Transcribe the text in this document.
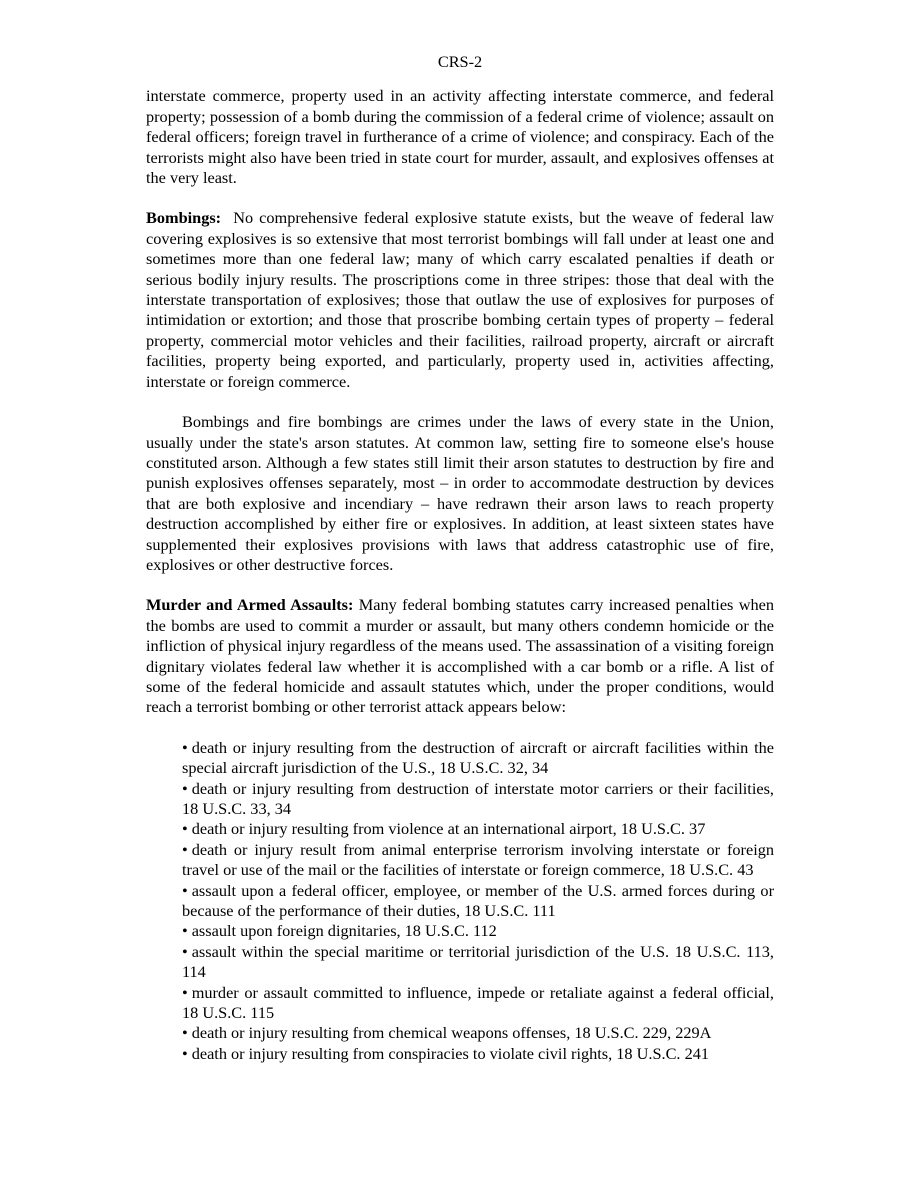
CRS-2

interstate commerce, property used in an activity affecting interstate commerce, and federal property; possession of a bomb during the commission of a federal crime of violence; assault on federal officers; foreign travel in furtherance of a crime of violence; and conspiracy. Each of the terrorists might also have been tried in state court for murder, assault, and explosives offenses at the very least.

Bombings: No comprehensive federal explosive statute exists, but the weave of federal law covering explosives is so extensive that most terrorist bombings will fall under at least one and sometimes more than one federal law; many of which carry escalated penalties if death or serious bodily injury results. The proscriptions come in three stripes: those that deal with the interstate transportation of explosives; those that outlaw the use of explosives for purposes of intimidation or extortion; and those that proscribe bombing certain types of property – federal property, commercial motor vehicles and their facilities, railroad property, aircraft or aircraft facilities, property being exported, and particularly, property used in, activities affecting, interstate or foreign commerce.

Bombings and fire bombings are crimes under the laws of every state in the Union, usually under the state's arson statutes. At common law, setting fire to someone else's house constituted arson. Although a few states still limit their arson statutes to destruction by fire and punish explosives offenses separately, most – in order to accommodate destruction by devices that are both explosive and incendiary – have redrawn their arson laws to reach property destruction accomplished by either fire or explosives. In addition, at least sixteen states have supplemented their explosives provisions with laws that address catastrophic use of fire, explosives or other destructive forces.

Murder and Armed Assaults: Many federal bombing statutes carry increased penalties when the bombs are used to commit a murder or assault, but many others condemn homicide or the infliction of physical injury regardless of the means used. The assassination of a visiting foreign dignitary violates federal law whether it is accomplished with a car bomb or a rifle. A list of some of the federal homicide and assault statutes which, under the proper conditions, would reach a terrorist bombing or other terrorist attack appears below:

• death or injury resulting from the destruction of aircraft or aircraft facilities within the special aircraft jurisdiction of the U.S., 18 U.S.C. 32, 34
• death or injury resulting from destruction of interstate motor carriers or their facilities, 18 U.S.C. 33, 34
• death or injury resulting from violence at an international airport, 18 U.S.C. 37
• death or injury result from animal enterprise terrorism involving interstate or foreign travel or use of the mail or the facilities of interstate or foreign commerce, 18 U.S.C. 43
• assault upon a federal officer, employee, or member of the U.S. armed forces during or because of the performance of their duties, 18 U.S.C. 111
• assault upon foreign dignitaries, 18 U.S.C. 112
• assault within the special maritime or territorial jurisdiction of the U.S. 18 U.S.C. 113, 114
• murder or assault committed to influence, impede or retaliate against a federal official, 18 U.S.C. 115
• death or injury resulting from chemical weapons offenses, 18 U.S.C. 229, 229A
• death or injury resulting from conspiracies to violate civil rights, 18 U.S.C. 241
